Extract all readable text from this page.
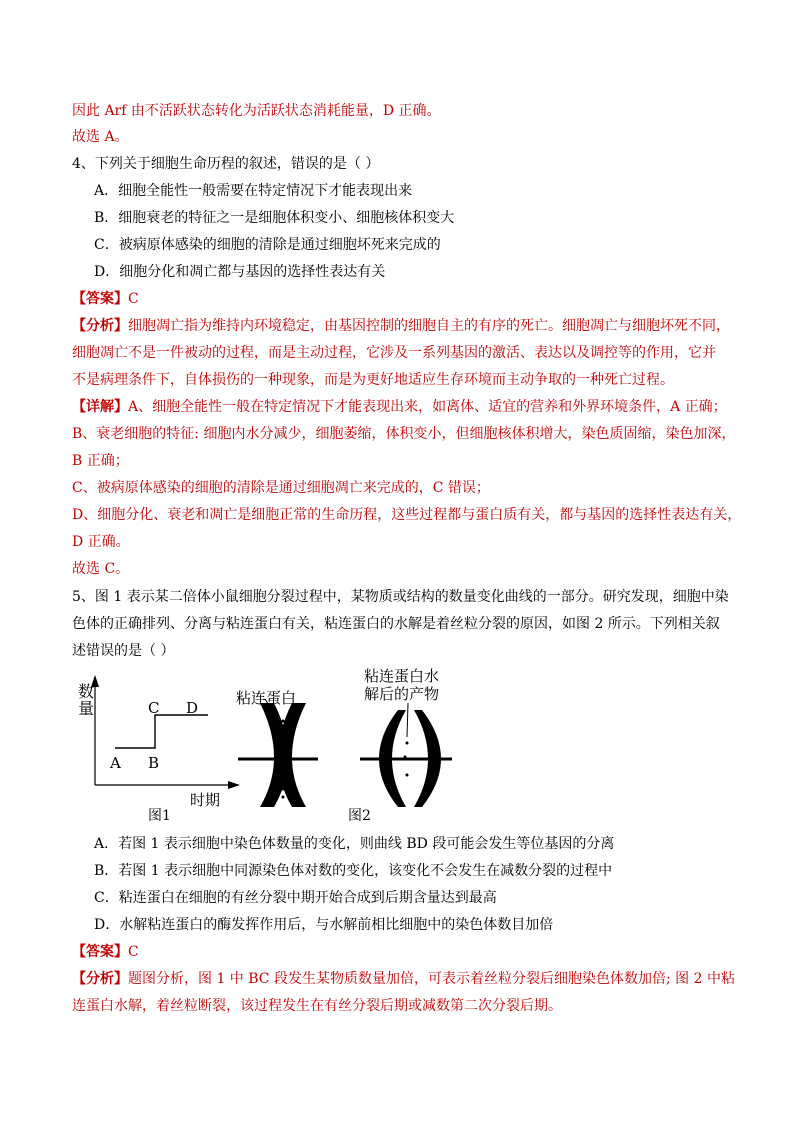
因此 Arf 由不活跃状态转化为活跃状态消耗能量，D 正确。
故选 A。
4、下列关于细胞生命历程的叙述，错误的是（ ）
A．细胞全能性一般需要在特定情况下才能表现出来
B．细胞衰老的特征之一是细胞体积变小、细胞核体积变大
C．被病原体感染的细胞的清除是通过细胞坏死来完成的
D．细胞分化和凋亡都与基因的选择性表达有关
【答案】C
【分析】细胞凋亡指为维持内环境稳定，由基因控制的细胞自主的有序的死亡。细胞凋亡与细胞坏死不同，
细胞凋亡不是一件被动的过程，而是主动过程，它涉及一系列基因的激活、表达以及调控等的作用，它并
不是病理条件下，自体损伤的一种现象，而是为更好地适应生存环境而主动争取的一种死亡过程。
【详解】A、细胞全能性一般在特定情况下才能表现出来，如离体、适宜的营养和外界环境条件，A 正确；
B、衰老细胞的特征: 细胞内水分减少，细胞萎缩，体积变小，但细胞核体积增大，染色质固缩，染色加深，
B 正确；
C、被病原体感染的细胞的清除是通过细胞凋亡来完成的，C 错误；
D、细胞分化、衰老和凋亡是细胞正常的生命历程，这些过程都与蛋白质有关，都与基因的选择性表达有关，
D 正确。
故选 C。
5、图 1 表示某二倍体小鼠细胞分裂过程中，某物质或结构的数量变化曲线的一部分。研究发现，细胞中染
色体的正确排列、分离与粘连蛋白有关，粘连蛋白的水解是着丝粒分裂的原因，如图 2 所示。下列相关叙
述错误的是（ ）
数量
A B
C D
时期
图1
粘连蛋白
粘连蛋白水
解后的产物
图2
A．若图 1 表示细胞中染色体数量的变化，则曲线 BD 段可能会发生等位基因的分离
B．若图 1 表示细胞中同源染色体对数的变化，该变化不会发生在减数分裂的过程中
C．粘连蛋白在细胞的有丝分裂中期开始合成到后期含量达到最高
D．水解粘连蛋白的酶发挥作用后，与水解前相比细胞中的染色体数目加倍
【答案】C
【分析】题图分析，图 1 中 BC 段发生某物质数量加倍，可表示着丝粒分裂后细胞染色体数加倍; 图 2 中粘
连蛋白水解，着丝粒断裂，该过程发生在有丝分裂后期或减数第二次分裂后期。
